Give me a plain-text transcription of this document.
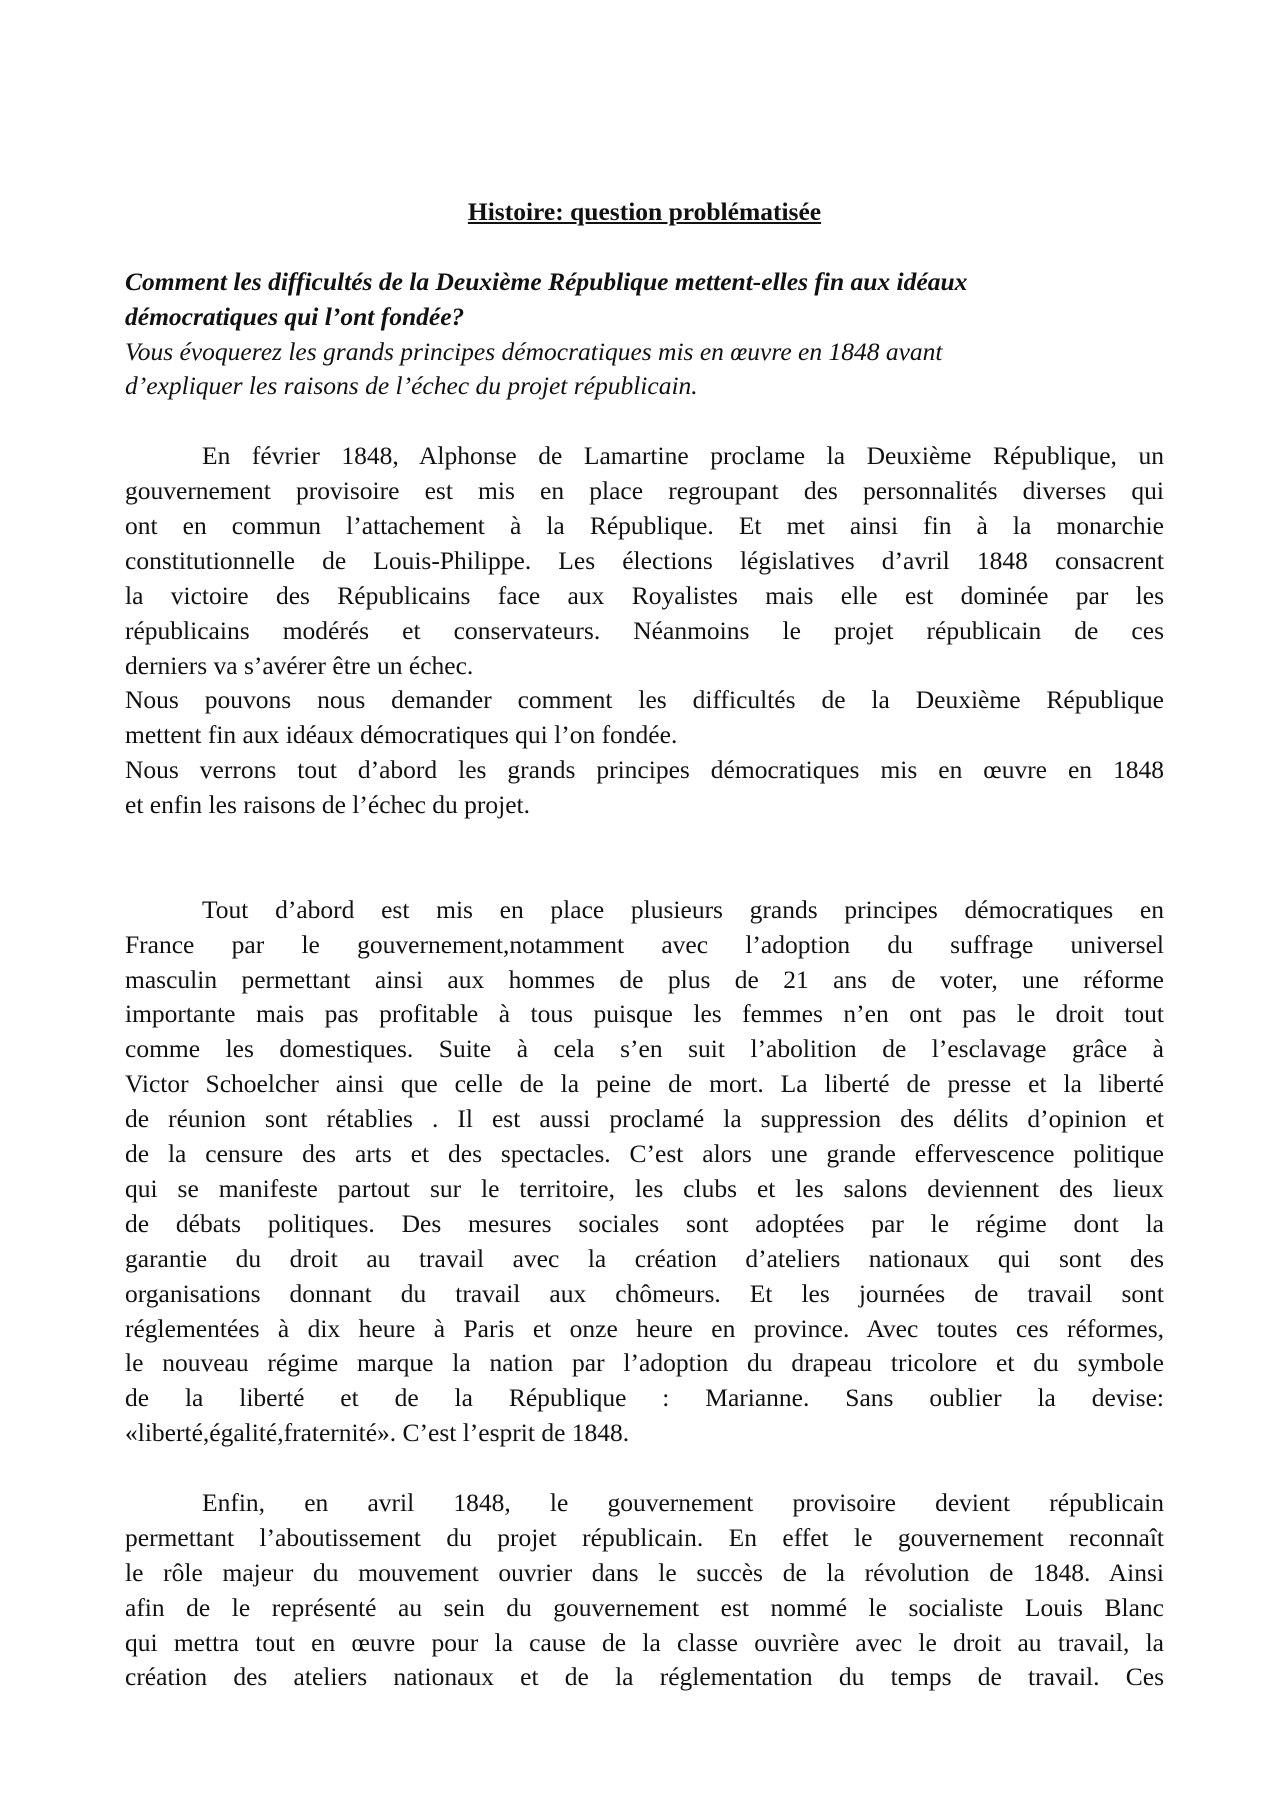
Histoire: question problématisée
Comment les difficultés de la Deuxième République mettent-elles fin aux idéaux
démocratiques qui l’ont fondée?
Vous évoquerez les grands principes démocratiques mis en œuvre en 1848 avant
d’expliquer les raisons de l’échec du projet républicain.
En février 1848, Alphonse de Lamartine proclame la Deuxième République, un
gouvernement provisoire est mis en place regroupant des personnalités diverses qui
ont en commun l’attachement à la République. Et met ainsi fin à la monarchie
constitutionnelle de Louis-Philippe. Les élections législatives d’avril 1848 consacrent
la victoire des Républicains face aux Royalistes mais elle est dominée par les
républicains modérés et conservateurs. Néanmoins le projet républicain de ces
derniers va s’avérer être un échec.
Nous pouvons nous demander comment les difficultés de la Deuxième République
mettent fin aux idéaux démocratiques qui l’on fondée.
Nous verrons tout d’abord les grands principes démocratiques mis en œuvre en 1848
et enfin les raisons de l’échec du projet.
Tout d’abord est mis en place plusieurs grands principes démocratiques en
France par le gouvernement,notamment avec l’adoption du suffrage universel
masculin permettant ainsi aux hommes de plus de 21 ans de voter, une réforme
importante mais pas profitable à tous puisque les femmes n’en ont pas le droit tout
comme les domestiques. Suite à cela s’en suit l’abolition de l’esclavage grâce à
Victor Schoelcher ainsi que celle de la peine de mort. La liberté de presse et la liberté
de réunion sont rétablies . Il est aussi proclamé la suppression des délits d’opinion et
de la censure des arts et des spectacles. C’est alors une grande effervescence politique
qui se manifeste partout sur le territoire, les clubs et les salons deviennent des lieux
de débats politiques. Des mesures sociales sont adoptées par le régime dont la
garantie du droit au travail avec la création d’ateliers nationaux qui sont des
organisations donnant du travail aux chômeurs. Et les journées de travail sont
réglementées à dix heure à Paris et onze heure en province. Avec toutes ces réformes,
le nouveau régime marque la nation par l’adoption du drapeau tricolore et du symbole
de la liberté et de la République : Marianne. Sans oublier la devise:
«liberté,égalité,fraternité». C’est l’esprit de 1848.
Enfin, en avril 1848, le gouvernement provisoire devient républicain
permettant l’aboutissement du projet républicain. En effet le gouvernement reconnaît
le rôle majeur du mouvement ouvrier dans le succès de la révolution de 1848. Ainsi
afin de le représenté au sein du gouvernement est nommé le socialiste Louis Blanc
qui mettra tout en œuvre pour la cause de la classe ouvrière avec le droit au travail, la
création des ateliers nationaux et de la réglementation du temps de travail. Ces
